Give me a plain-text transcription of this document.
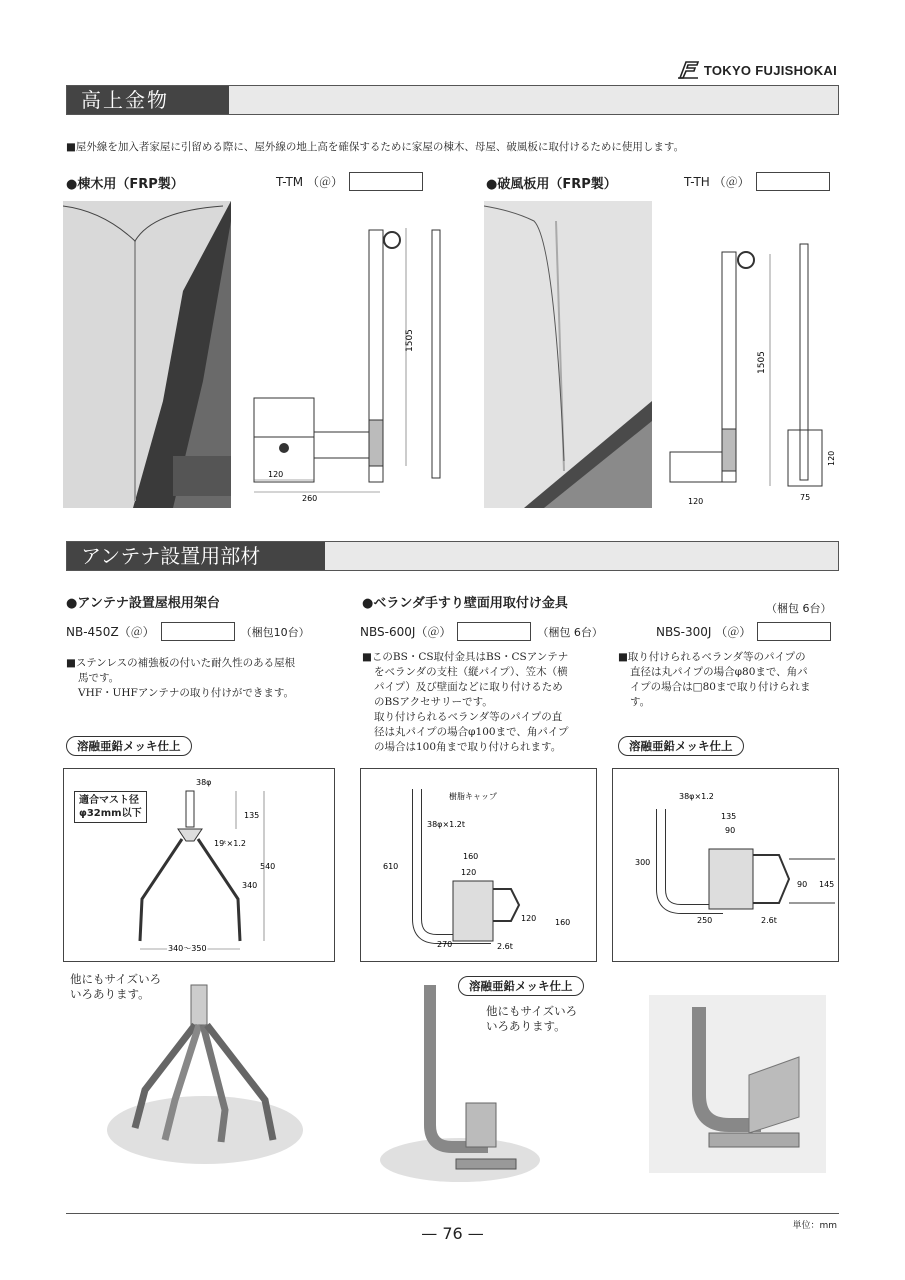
TOKYO FUJISHOKAI
高上金物
■屋外線を加入者家屋に引留める際に、屋外線の地上高を確保するために家屋の棟木、母屋、破風板に取付けるために使用します。
●棟木用（FRP製）	T-TM （＠）
1505
120
260
●破風板用（FRP製）	T-TH （＠）
1505
120	75
120
アンテナ設置用部材
●アンテナ設置屋根用架台
NB-450Z（＠）	（梱包10台）
■ステンレスの補強板の付いた耐久性のある屋根
馬です。
VHF・UHFアンテナの取り付けができます。
溶融亜鉛メッキ仕上
適合マスト径
φ32mm以下
38φ
135
19ᵗ×1.2
540
340
340～350
他にもサイズいろ
いろあります。
●ベランダ手すり壁面用取付け金具
NBS-600J（＠）	（梱包 6台）
■このBS・CS取付金具はBS・CSアンテナ
をベランダの支柱（縦パイプ）、笠木（横
パイプ）及び壁面などに取り付けるため
のBSアクセサリーです。
取り付けられるベランダ等のパイプの直
径は丸パイプの場合φ100まで、角パイプ
の場合は100角まで取り付けられます。
樹脂キャップ
38φ×1.2t
610
160
120
120 160
270	2.6t
溶融亜鉛メッキ仕上
他にもサイズいろ
いろあります。
（梱包 6台）
NBS-300J （＠）
■取り付けられるベランダ等のパイプの
直径は丸パイプの場合φ80まで、角パ
イプの場合は□80まで取り付けられま
す。
溶融亜鉛メッキ仕上
38φ×1.2
135
90
300
90 145
250	2.6t
— 76 —	単位：mm
